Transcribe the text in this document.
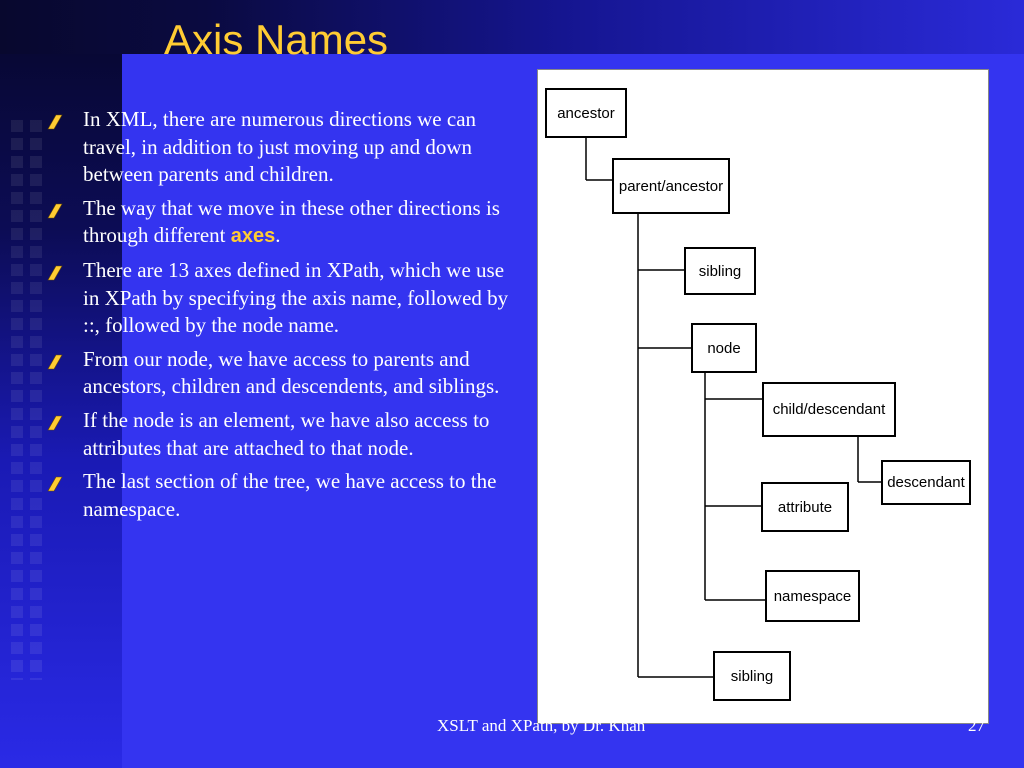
Axis Names
In XML, there are numerous directions we can travel, in addition to just moving up and down between parents and children.
The way that we move in these other directions is through different axes.
There are 13 axes defined in XPath, which we use in XPath by specifying the axis name, followed by ::, followed by the node name.
From our node, we have access to parents and ancestors, children and descendents, and siblings.
If the node is an element, we have also access to attributes that are attached to that node.
The last section of the tree, we have access to the namespace.
ancestor
parent/ancestor
sibling
node
child/descendant
descendant
attribute
namespace
sibling
XSLT and XPath, by Dr. Khan	27
